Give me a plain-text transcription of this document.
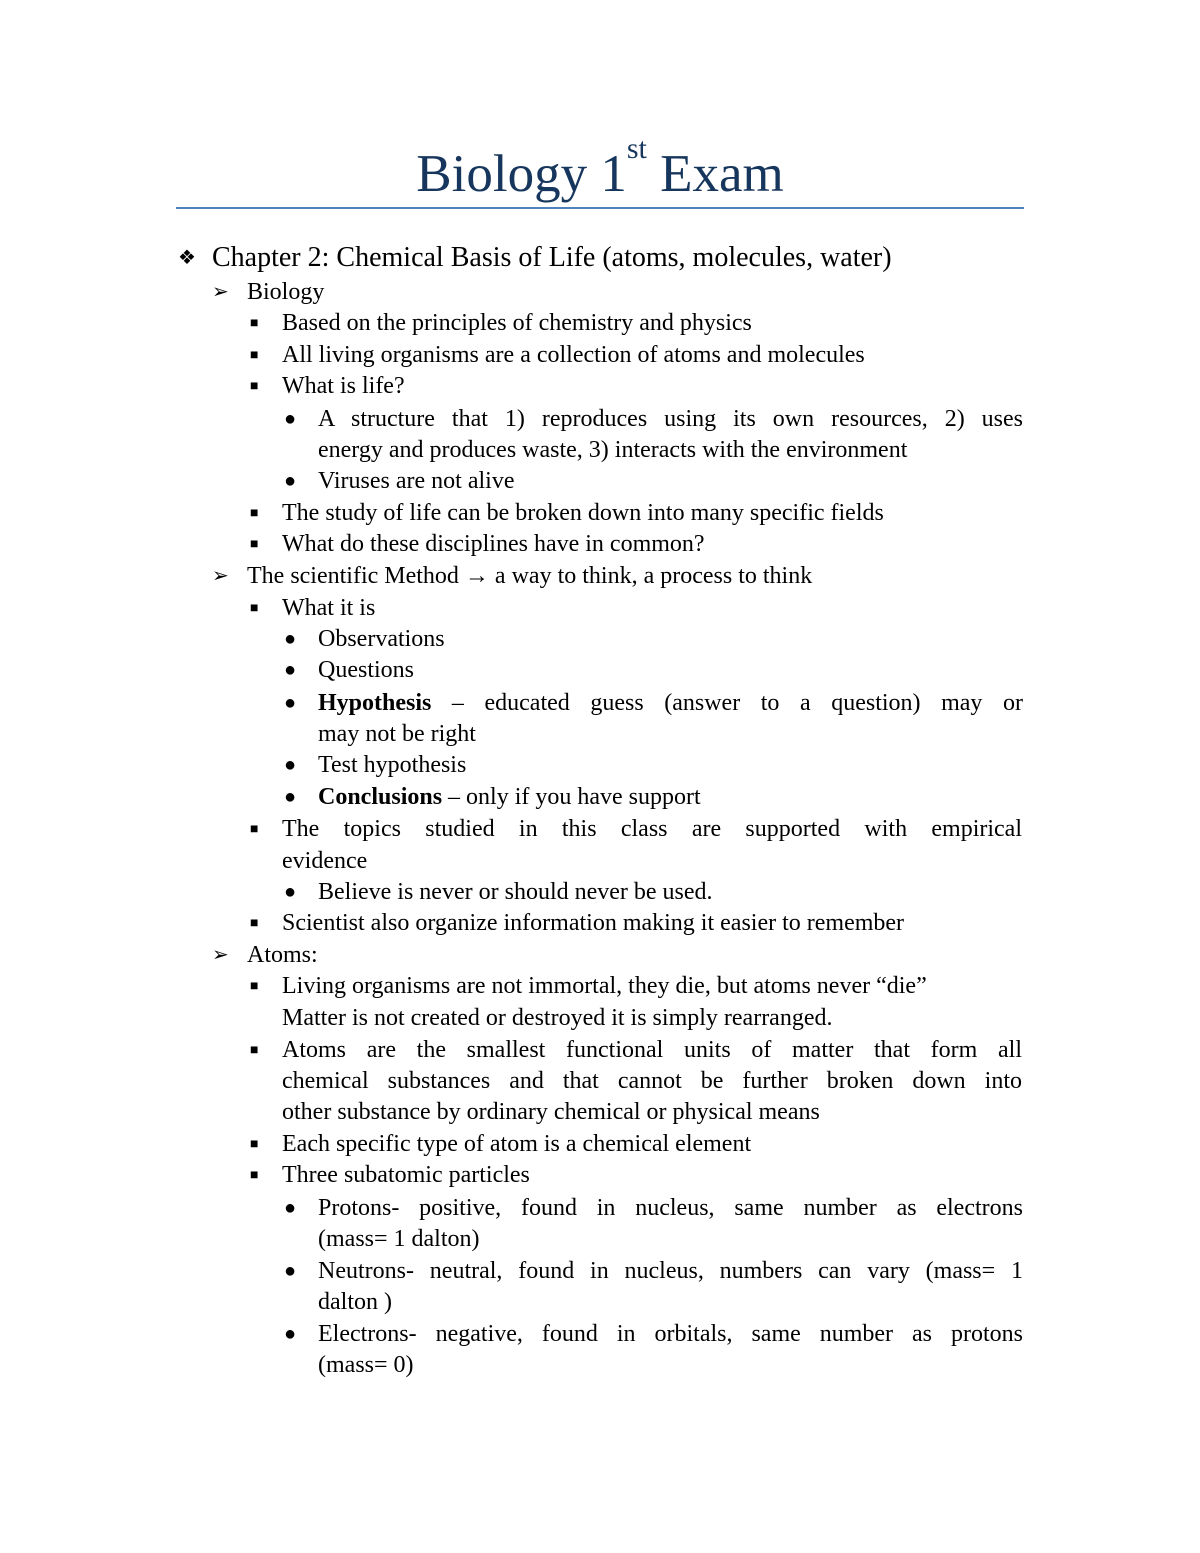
Biology 1st Exam
❖ Chapter 2: Chemical Basis of Life (atoms, molecules, water)
➢ Biology
■ Based on the principles of chemistry and physics
■ All living organisms are a collection of atoms and molecules
■ What is life?
● A structure that 1) reproduces using its own resources, 2) uses
energy and produces waste, 3) interacts with the environment
● Viruses are not alive
■ The study of life can be broken down into many specific fields
■ What do these disciplines have in common?
➢ The scientific Method → a way to think, a process to think
■ What it is
● Observations
● Questions
● Hypothesis – educated guess (answer to a question) may or
may not be right
● Test hypothesis
● Conclusions – only if you have support
■ The topics studied in this class are supported with empirical
evidence
● Believe is never or should never be used.
■ Scientist also organize information making it easier to remember
➢ Atoms:
■ Living organisms are not immortal, they die, but atoms never “die”
Matter is not created or destroyed it is simply rearranged.
■ Atoms are the smallest functional units of matter that form all
chemical substances and that cannot be further broken down into
other substance by ordinary chemical or physical means
■ Each specific type of atom is a chemical element
■ Three subatomic particles
● Protons- positive, found in nucleus, same number as electrons
(mass= 1 dalton)
● Neutrons- neutral, found in nucleus, numbers can vary (mass= 1
dalton )
● Electrons- negative, found in orbitals, same number as protons
(mass= 0)
